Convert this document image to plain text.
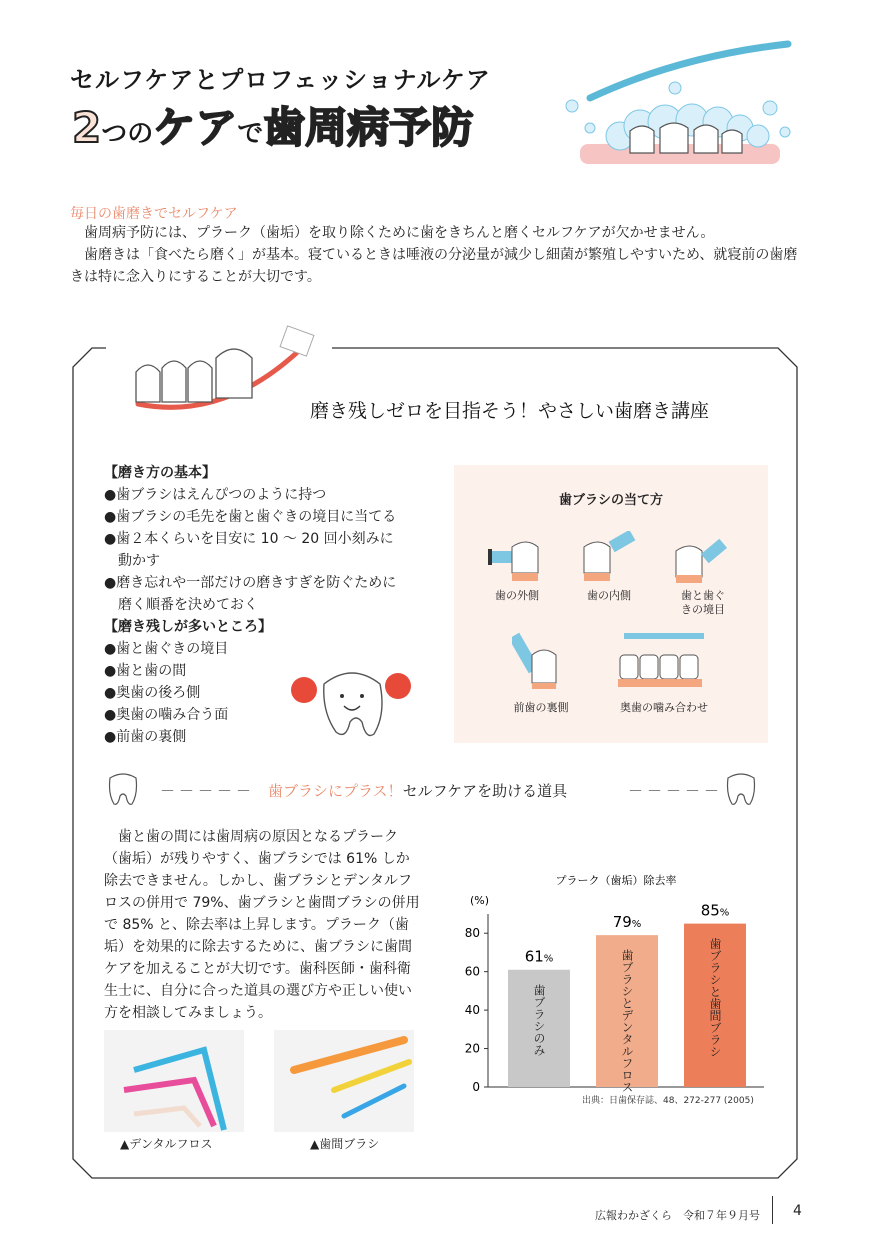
セルフケアとプロフェッショナルケア
2つのケアで歯周病予防
毎日の歯磨きでセルフケア

歯周病予防には、プラーク（歯垢）を取り除くために歯をきちんと磨くセルフケアが欠かせません。

歯磨きは「食べたら磨く」が基本。寝ているときは唾液の分泌量が減少し細菌が繁殖しやすいため、就寝前の歯磨きは特に念入りにすることが大切です。

磨き残しゼロを目指そう！やさしい歯磨き講座
【磨き方の基本】
●歯ブラシはえんぴつのように持つ
●歯ブラシの毛先を歯と歯ぐきの境目に当てる
●歯２本くらいを目安に 10 ～ 20 回小刻みに
動かす
●磨き忘れや一部だけの磨きすぎを防ぐために
磨く順番を決めておく
【磨き残しが多いところ】
●歯と歯ぐきの境目
●歯と歯の間
●奥歯の後ろ側
●奥歯の噛み合う面
●前歯の裏側
歯ブラシの当て方
歯の外側	歯の内側	歯と歯ぐ
きの境目
前歯の裏側	奥歯の噛み合わせ
－－－－－ 歯ブラシにプラス！セルフケアを助ける道具	－－－－－
歯と歯の間には歯周病の原因となるプラーク（歯垢）が残りやすく、歯ブラシでは 61% しか除去できません。しかし、歯ブラシとデンタルフロスの併用で 79%、歯ブラシと歯間ブラシの併用で 85% と、除去率は上昇します。プラーク（歯垢）を効果的に除去するために、歯ブラシに歯間ケアを加えることが大切です。歯科医師・歯科衛生士に、自分に合った道具の選び方や正しい使い方を相談してみましょう。
▲デンタルフロス	▲歯間ブラシ
プラーク（歯垢）除去率
(%)
0
20
40
60
80
61%
歯ブラシのみ
79%
歯ブラシとデンタルフロス
85%
歯ブラシと歯間ブラシ
出典：日歯保存誌、48、272-277 (2005)
広報わかざくら　令和７年９月号 4
